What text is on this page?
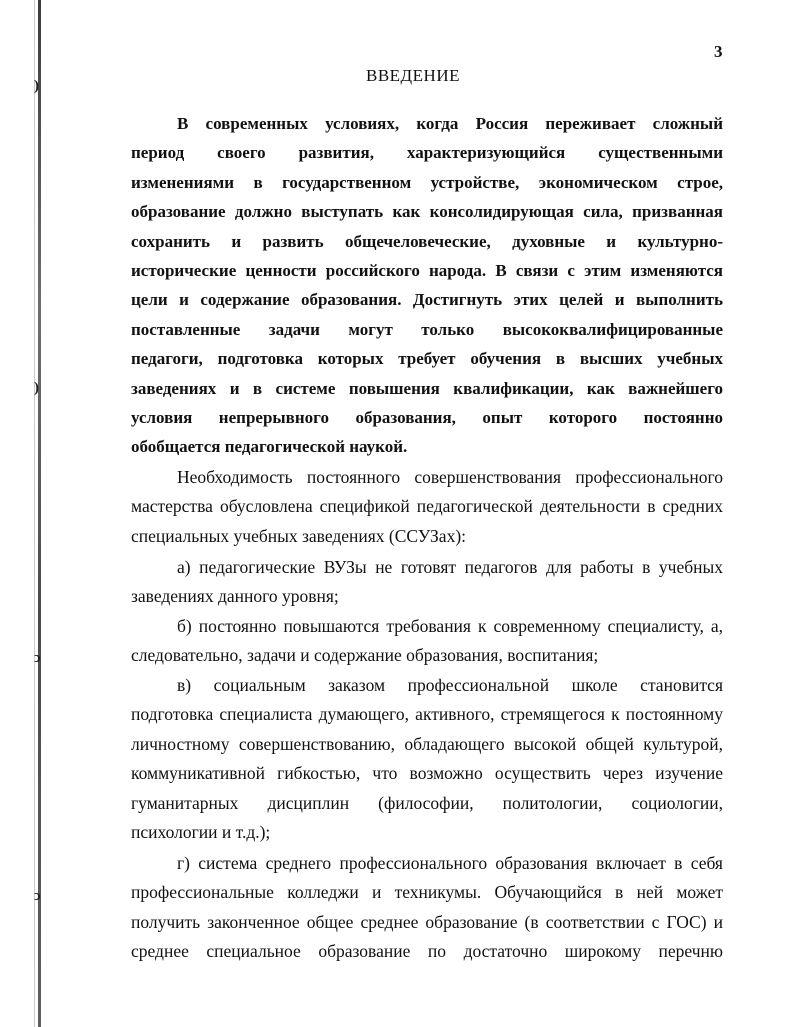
)
)
ↄ
ↄ
3
ВВЕДЕНИЕ

В современных условиях, когда Россия переживает сложный
период своего развития, характеризующийся существенными
изменениями в государственном устройстве, экономическом строе,
образование должно выступать как консолидирующая сила, призванная
сохранить и развить общечеловеческие, духовные и культурно-
исторические ценности российского народа. В связи с этим изменяются
цели и содержание образования. Достигнуть этих целей и выполнить
поставленные задачи могут только высококвалифицированные
педагоги, подготовка которых требует обучения в высших учебных
заведениях и в системе повышения квалификации, как важнейшего
условия непрерывного образования, опыт которого постоянно
обобщается педагогической наукой.

Необходимость постоянного совершенствования профессионального
мастерства обусловлена спецификой педагогической деятельности в средних
специальных учебных заведениях (ССУЗах):

а) педагогические ВУЗы не готовят педагогов для работы в учебных
заведениях данного уровня;

б) постоянно повышаются требования к современному специалисту, а,
следовательно, задачи и содержание образования, воспитания;

в) социальным заказом профессиональной школе становится
подготовка специалиста думающего, активного, стремящегося к постоянному
личностному совершенствованию, обладающего высокой общей культурой,
коммуникативной гибкостью, что возможно осуществить через изучение
гуманитарных дисциплин (философии, политологии, социологии,
психологии и т.д.);

г) система среднего профессионального образования включает в себя
профессиональные колледжи и техникумы. Обучающийся в ней может
получить законченное общее среднее образование (в соответствии с ГОС) и
среднее специальное образование по достаточно широкому перечню
